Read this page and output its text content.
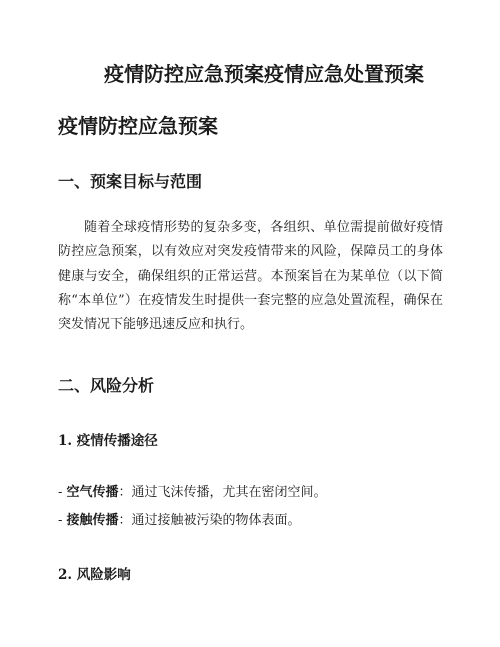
疫情防控应急预案疫情应急处置预案
疫情防控应急预案
一、预案目标与范围

随着全球疫情形势的复杂多变，各组织、单位需提前做好疫情防控应急预案，以有效应对突发疫情带来的风险，保障员工的身体健康与安全，确保组织的正常运营。本预案旨在为某单位（以下简称“本单位”）在疫情发生时提供一套完整的应急处置流程，确保在突发情况下能够迅速反应和执行。

二、风险分析
1. 疫情传播途径
- 空气传播：通过飞沫传播，尤其在密闭空间。
- 接触传播：通过接触被污染的物体表面。
2. 风险影响
